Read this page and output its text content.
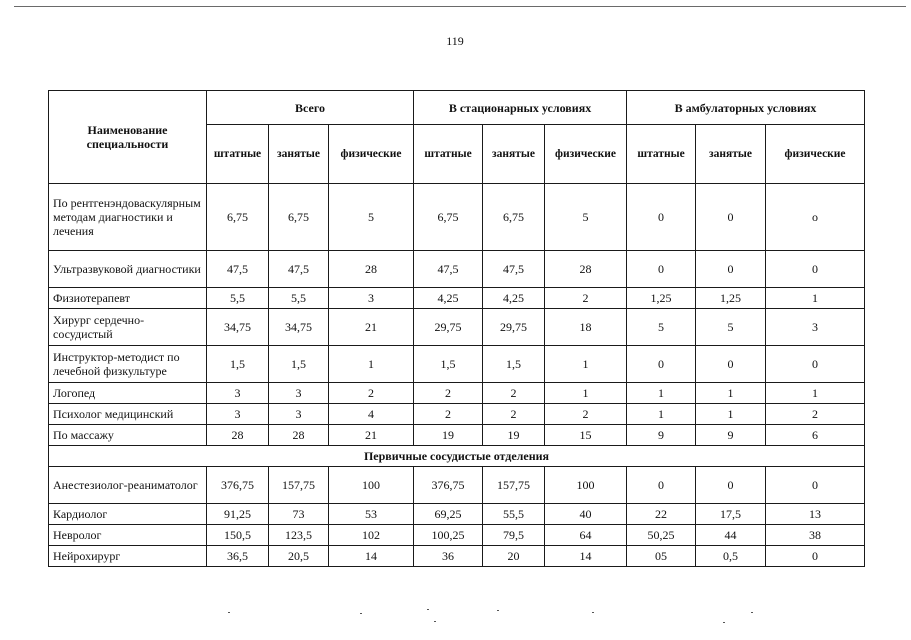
119
Наименование специальности	Всего			В стационарных условиях			В амбулаторных условиях		
	штатные	занятые	физические	штатные	занятые	физические	штатные	занятые	физические
По рентгенэндоваскулярным методам диагностики и лечения	6,75	6,75	5	6,75	6,75	5	0	0	о
Ультразвуковой диагностики	47,5	47,5	28	47,5	47,5	28	0	0	0
Физиотерапевт	5,5	5,5	3	4,25	4,25	2	1,25	1,25	1
Хирург сердечно-сосудистый	34,75	34,75	21	29,75	29,75	18	5	5	3
Инструктор-методист по лечебной физкультуре	1,5	1,5	1	1,5	1,5	1	0	0	0
Логопед	3	3	2	2	2	1	1	1	1
Психолог медицинский	3	3	4	2	2	2	1	1	2
По массажу	28	28	21	19	19	15	9	9	6
Первичные сосудистые отделения									
Анестезиолог-реаниматолог	376,75	157,75	100	376,75	157,75	100	0	0	0
Кардиолог	91,25	73	53	69,25	55,5	40	22	17,5	13
Невролог	150,5	123,5	102	100,25	79,5	64	50,25	44	38
Нейрохирург	36,5	20,5	14	36	20	14	05	0,5	0
